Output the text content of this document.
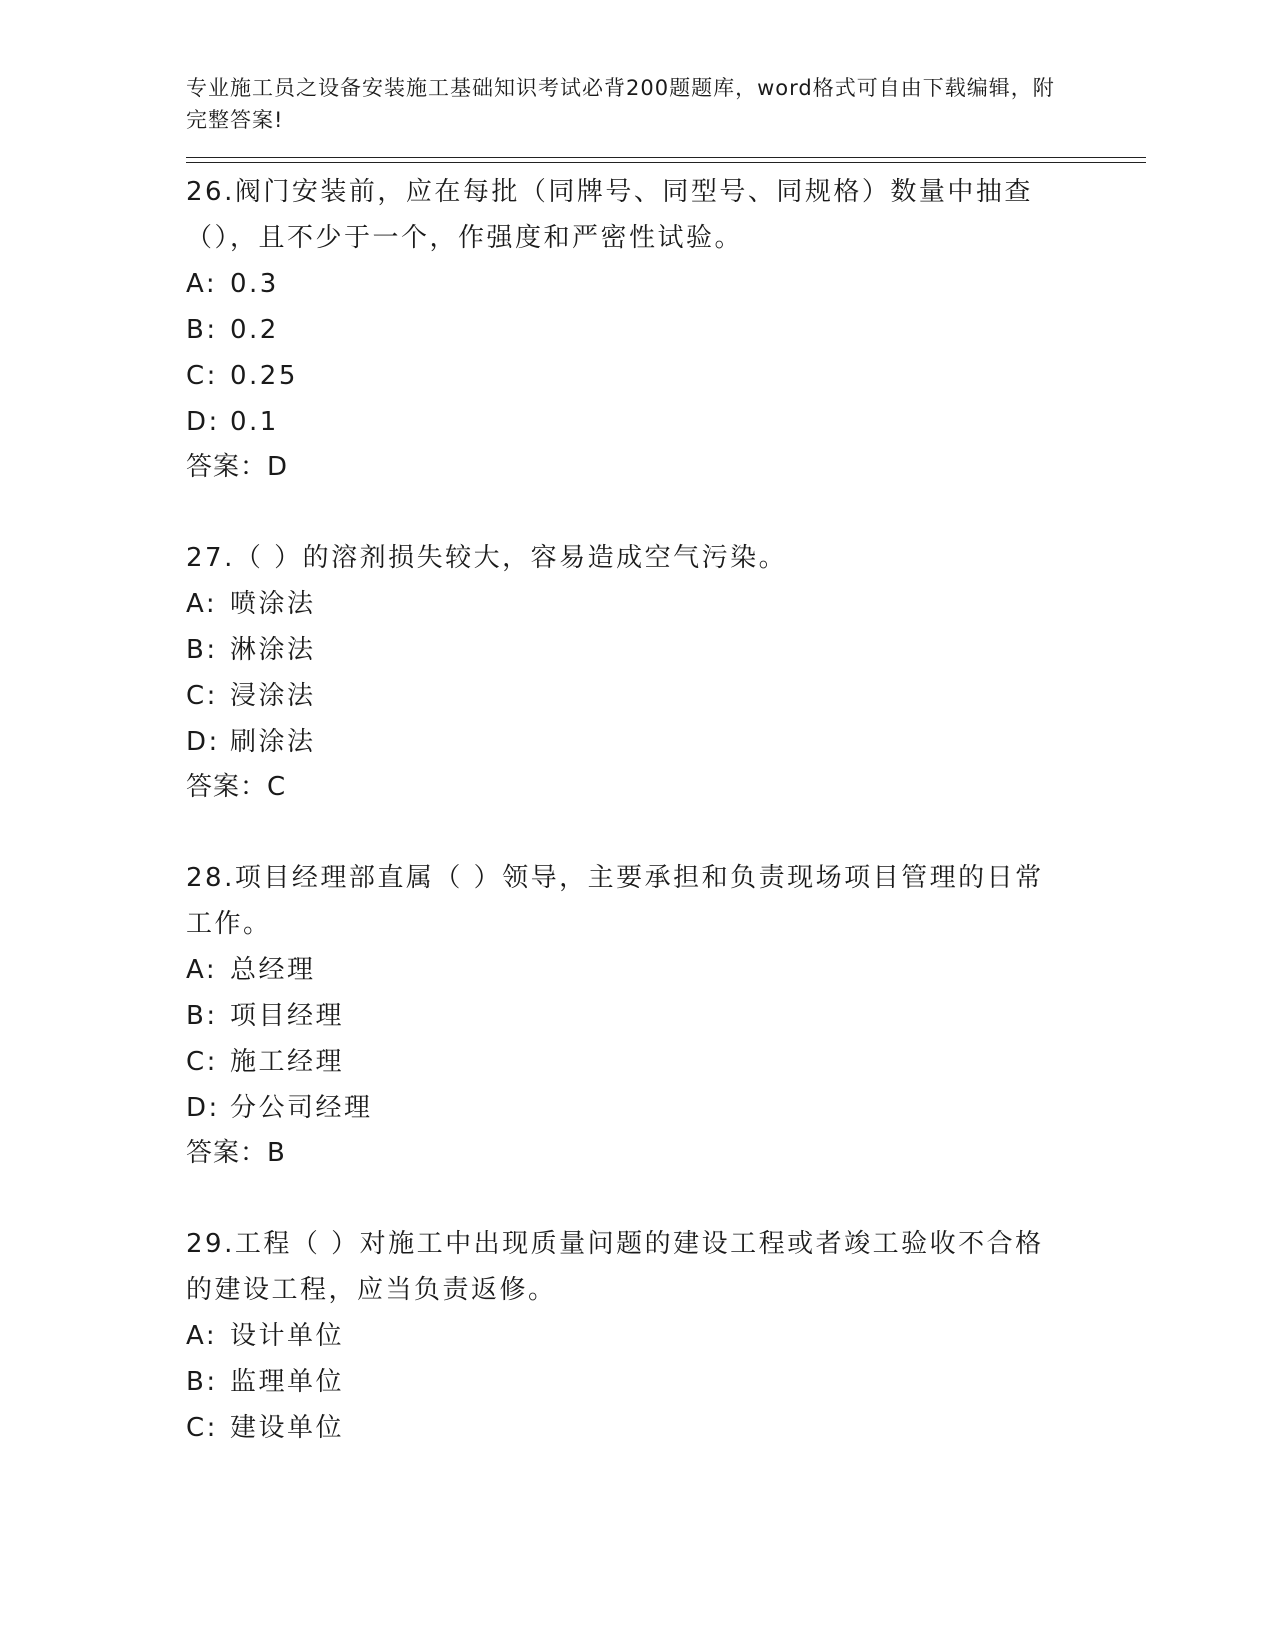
专业施工员之设备安装施工基础知识考试必背200题题库，word格式可自由下载编辑，附完整答案!

26.阀门安装前，应在每批（同牌号、同型号、同规格）数量中抽查（），且不少于一个，作强度和严密性试验。

A: 0.3

B: 0.2

C: 0.25

D: 0.1

答案：D

27.（ ）的溶剂损失较大，容易造成空气污染。

A: 喷涂法

B: 淋涂法

C: 浸涂法

D: 刷涂法

答案：C

28.项目经理部直属（ ）领导，主要承担和负责现场项目管理的日常工作。

A: 总经理

B: 项目经理

C: 施工经理

D: 分公司经理

答案：B

29.工程（ ）对施工中出现质量问题的建设工程或者竣工验收不合格的建设工程，应当负责返修。

A: 设计单位

B: 监理单位

C: 建设单位
